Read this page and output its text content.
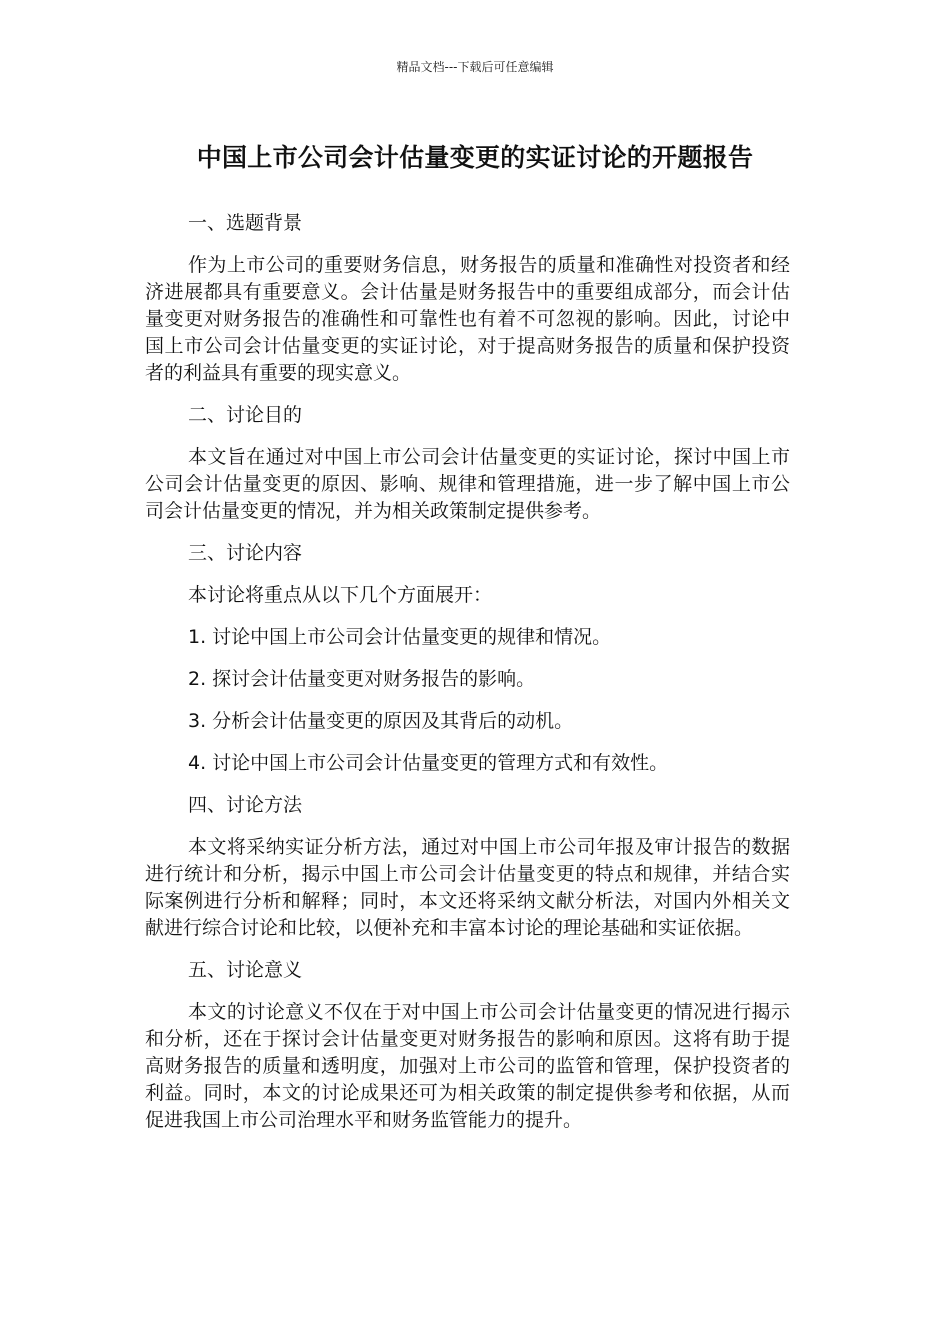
精品文档---下载后可任意编辑
中国上市公司会计估量变更的实证讨论的开题报告

一、选题背景

作为上市公司的重要财务信息，财务报告的质量和准确性对投资者和经济进展都具有重要意义。会计估量是财务报告中的重要组成部分，而会计估量变更对财务报告的准确性和可靠性也有着不可忽视的影响。因此，讨论中国上市公司会计估量变更的实证讨论，对于提高财务报告的质量和保护投资者的利益具有重要的现实意义。

二、讨论目的

本文旨在通过对中国上市公司会计估量变更的实证讨论，探讨中国上市公司会计估量变更的原因、影响、规律和管理措施，进一步了解中国上市公司会计估量变更的情况，并为相关政策制定提供参考。

三、讨论内容

本讨论将重点从以下几个方面展开：

1. 讨论中国上市公司会计估量变更的规律和情况。

2. 探讨会计估量变更对财务报告的影响。

3. 分析会计估量变更的原因及其背后的动机。

4. 讨论中国上市公司会计估量变更的管理方式和有效性。

四、讨论方法

本文将采纳实证分析方法，通过对中国上市公司年报及审计报告的数据进行统计和分析，揭示中国上市公司会计估量变更的特点和规律，并结合实际案例进行分析和解释；同时，本文还将采纳文献分析法，对国内外相关文献进行综合讨论和比较，以便补充和丰富本讨论的理论基础和实证依据。

五、讨论意义

本文的讨论意义不仅在于对中国上市公司会计估量变更的情况进行揭示和分析，还在于探讨会计估量变更对财务报告的影响和原因。这将有助于提高财务报告的质量和透明度，加强对上市公司的监管和管理，保护投资者的利益。同时，本文的讨论成果还可为相关政策的制定提供参考和依据，从而促进我国上市公司治理水平和财务监管能力的提升。
